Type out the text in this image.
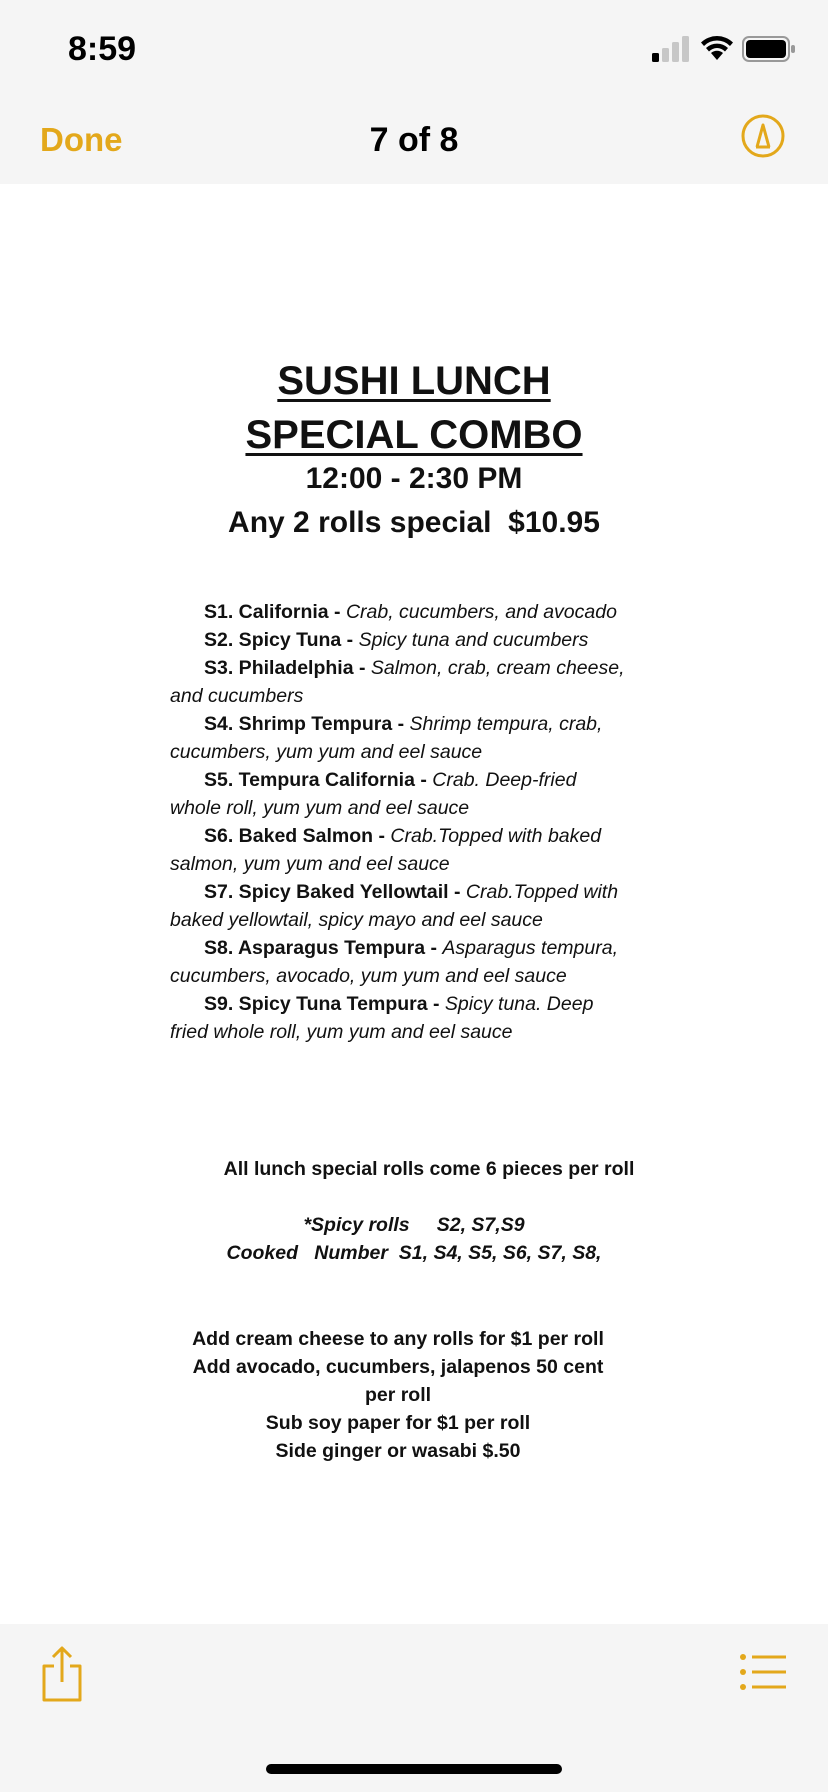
8:59
Done	7 of 8
SUSHI LUNCH
SPECIAL COMBO
12:00 - 2:30 PM
Any 2 rolls special  $10.95

S1. California - Crab, cucumbers, and avocado

S2. Spicy Tuna - Spicy tuna and cucumbers

S3. Philadelphia - Salmon, crab, cream cheese, and cucumbers

S4. Shrimp Tempura - Shrimp tempura, crab, cucumbers, yum yum and eel sauce

S5. Tempura California - Crab. Deep-fried whole roll, yum yum and eel sauce

S6. Baked Salmon - Crab.Topped with baked salmon, yum yum and eel sauce

S7. Spicy Baked Yellowtail - Crab.Topped with baked yellowtail, spicy mayo and eel sauce

S8. Asparagus Tempura - Asparagus tempura, cucumbers, avocado, yum yum and eel sauce

S9. Spicy Tuna Tempura - Spicy tuna. Deep fried whole roll, yum yum and eel sauce

All lunch special rolls come 6 pieces per roll
*Spicy rolls     S2, S7,S9
Cooked   Number  S1, S4, S5, S6, S7, S8,
Add cream cheese to any rolls for $1 per roll
Add avocado, cucumbers, jalapenos 50 cent per roll
Sub soy paper for $1 per roll
Side ginger or wasabi $.50
